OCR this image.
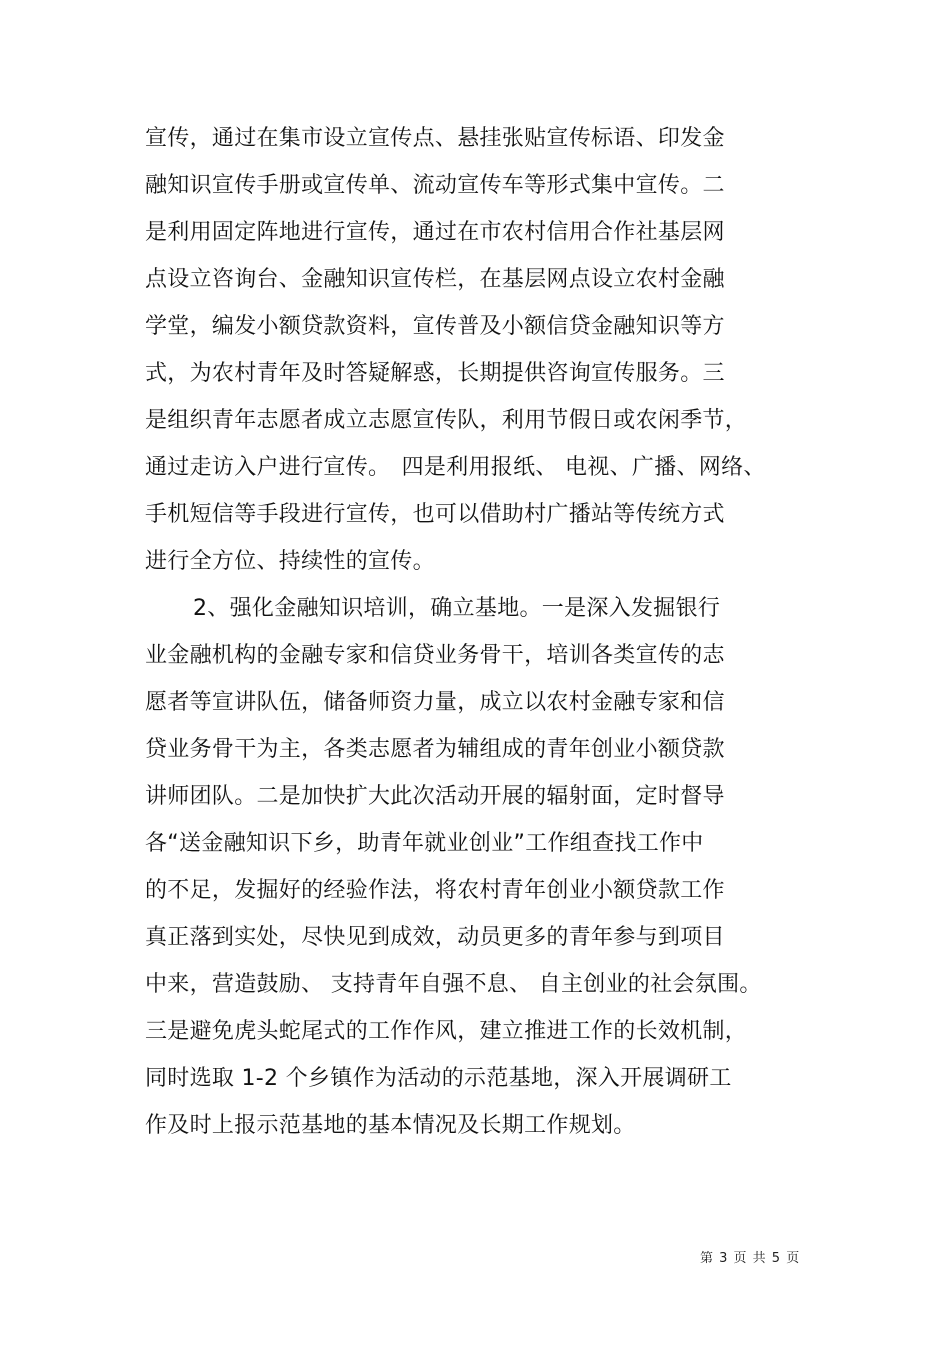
宣传，通过在集市设立宣传点、悬挂张贴宣传标语、印发金
融知识宣传手册或宣传单、流动宣传车等形式集中宣传。二
是利用固定阵地进行宣传，通过在市农村信用合作社基层网
点设立咨询台、金融知识宣传栏，在基层网点设立农村金融
学堂，编发小额贷款资料，宣传普及小额信贷金融知识等方
式，为农村青年及时答疑解惑，长期提供咨询宣传服务。三
是组织青年志愿者成立志愿宣传队，利用节假日或农闲季节，
通过走访入户进行宣传。　四是利用报纸、 电视、广播、网络、
手机短信等手段进行宣传，也可以借助村广播站等传统方式
进行全方位、持续性的宣传。
2、强化金融知识培训，确立基地。一是深入发掘银行
业金融机构的金融专家和信贷业务骨干，培训各类宣传的志
愿者等宣讲队伍，储备师资力量，成立以农村金融专家和信
贷业务骨干为主，各类志愿者为辅组成的青年创业小额贷款
讲师团队。二是加快扩大此次活动开展的辐射面，定时督导
各“送金融知识下乡，助青年就业创业”工作组查找工作中
的不足，发掘好的经验作法，将农村青年创业小额贷款工作
真正落到实处，尽快见到成效，动员更多的青年参与到项目
中来，营造鼓励、 支持青年自强不息、 自主创业的社会氛围。
三是避免虎头蛇尾式的工作作风，建立推进工作的长效机制，
同时选取 1-2 个乡镇作为活动的示范基地，深入开展调研工
作及时上报示范基地的基本情况及长期工作规划。
第 3 页 共 5 页
